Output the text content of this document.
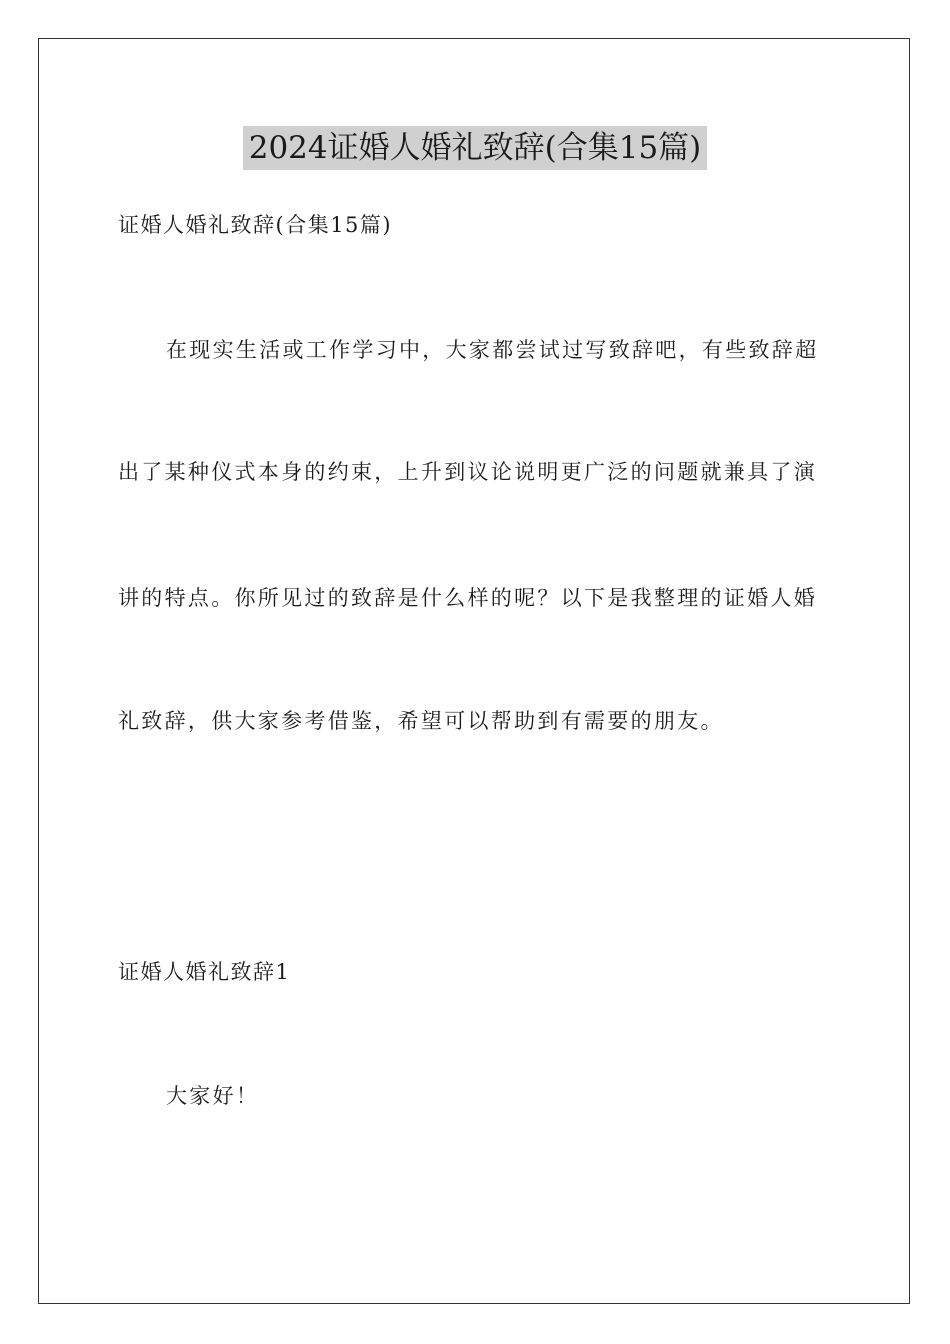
2024证婚人婚礼致辞(合集15篇)
证婚人婚礼致辞(合集15篇)
在现实生活或工作学习中，大家都尝试过写致辞吧，有些致辞超
出了某种仪式本身的约束，上升到议论说明更广泛的问题就兼具了演
讲的特点。你所见过的致辞是什么样的呢？以下是我整理的证婚人婚
礼致辞，供大家参考借鉴，希望可以帮助到有需要的朋友。
证婚人婚礼致辞1
大家好！
